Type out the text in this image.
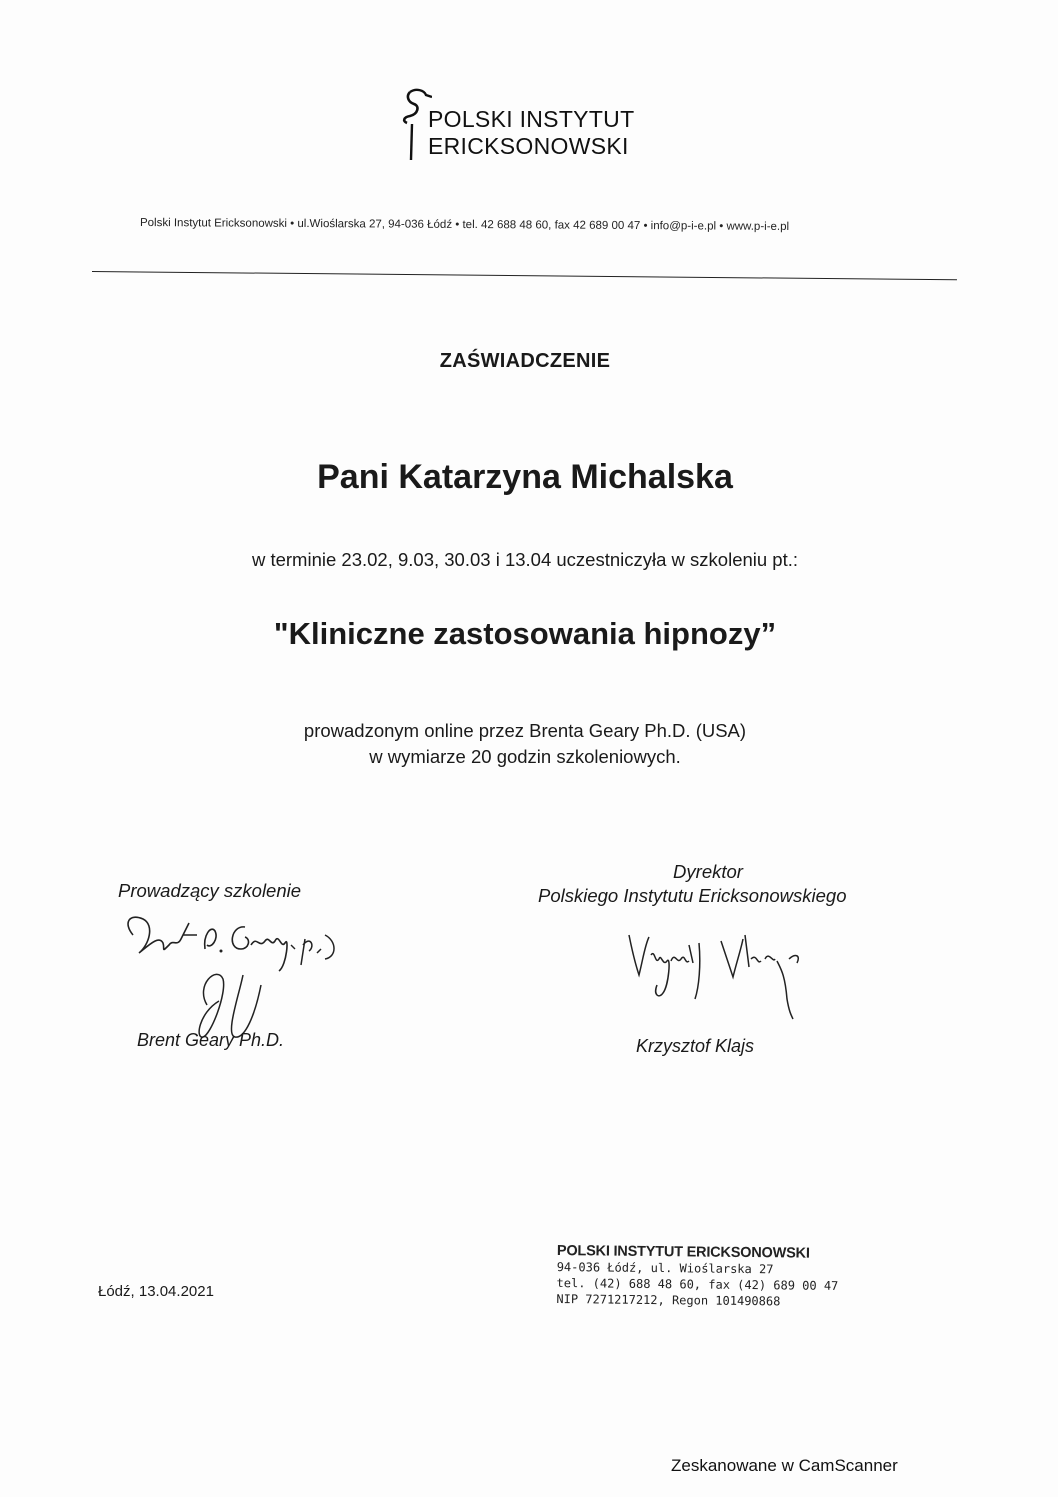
POLSKI INSTYTUT
ERICKSONOWSKI
Polski Instytut Ericksonowski • ul.Wioślarska 27, 94-036 Łódź • tel. 42 688 48 60, fax 42 689 00 47 • info@p-i-e.pl • www.p-i-e.pl
ZAŚWIADCZENIE
Pani Katarzyna Michalska
w terminie 23.02, 9.03, 30.03 i 13.04 uczestniczyła w szkoleniu pt.:
"Kliniczne zastosowania hipnozy”
prowadzonym online przez Brenta Geary Ph.D. (USA)
w wymiarze 20 godzin szkoleniowych.
Prowadzący szkolenie
Brent Geary Ph.D.
Dyrektor
Polskiego Instytutu Ericksonowskiego
Krzysztof Klajs
Łódź, 13.04.2021
POLSKI INSTYTUT ERICKSONOWSKI
94-036 Łódź, ul. Wioślarska 27
tel. (42) 688 48 60, fax (42) 689 00 47
NIP 7271217212, Regon 101490868
Zeskanowane w CamScanner
